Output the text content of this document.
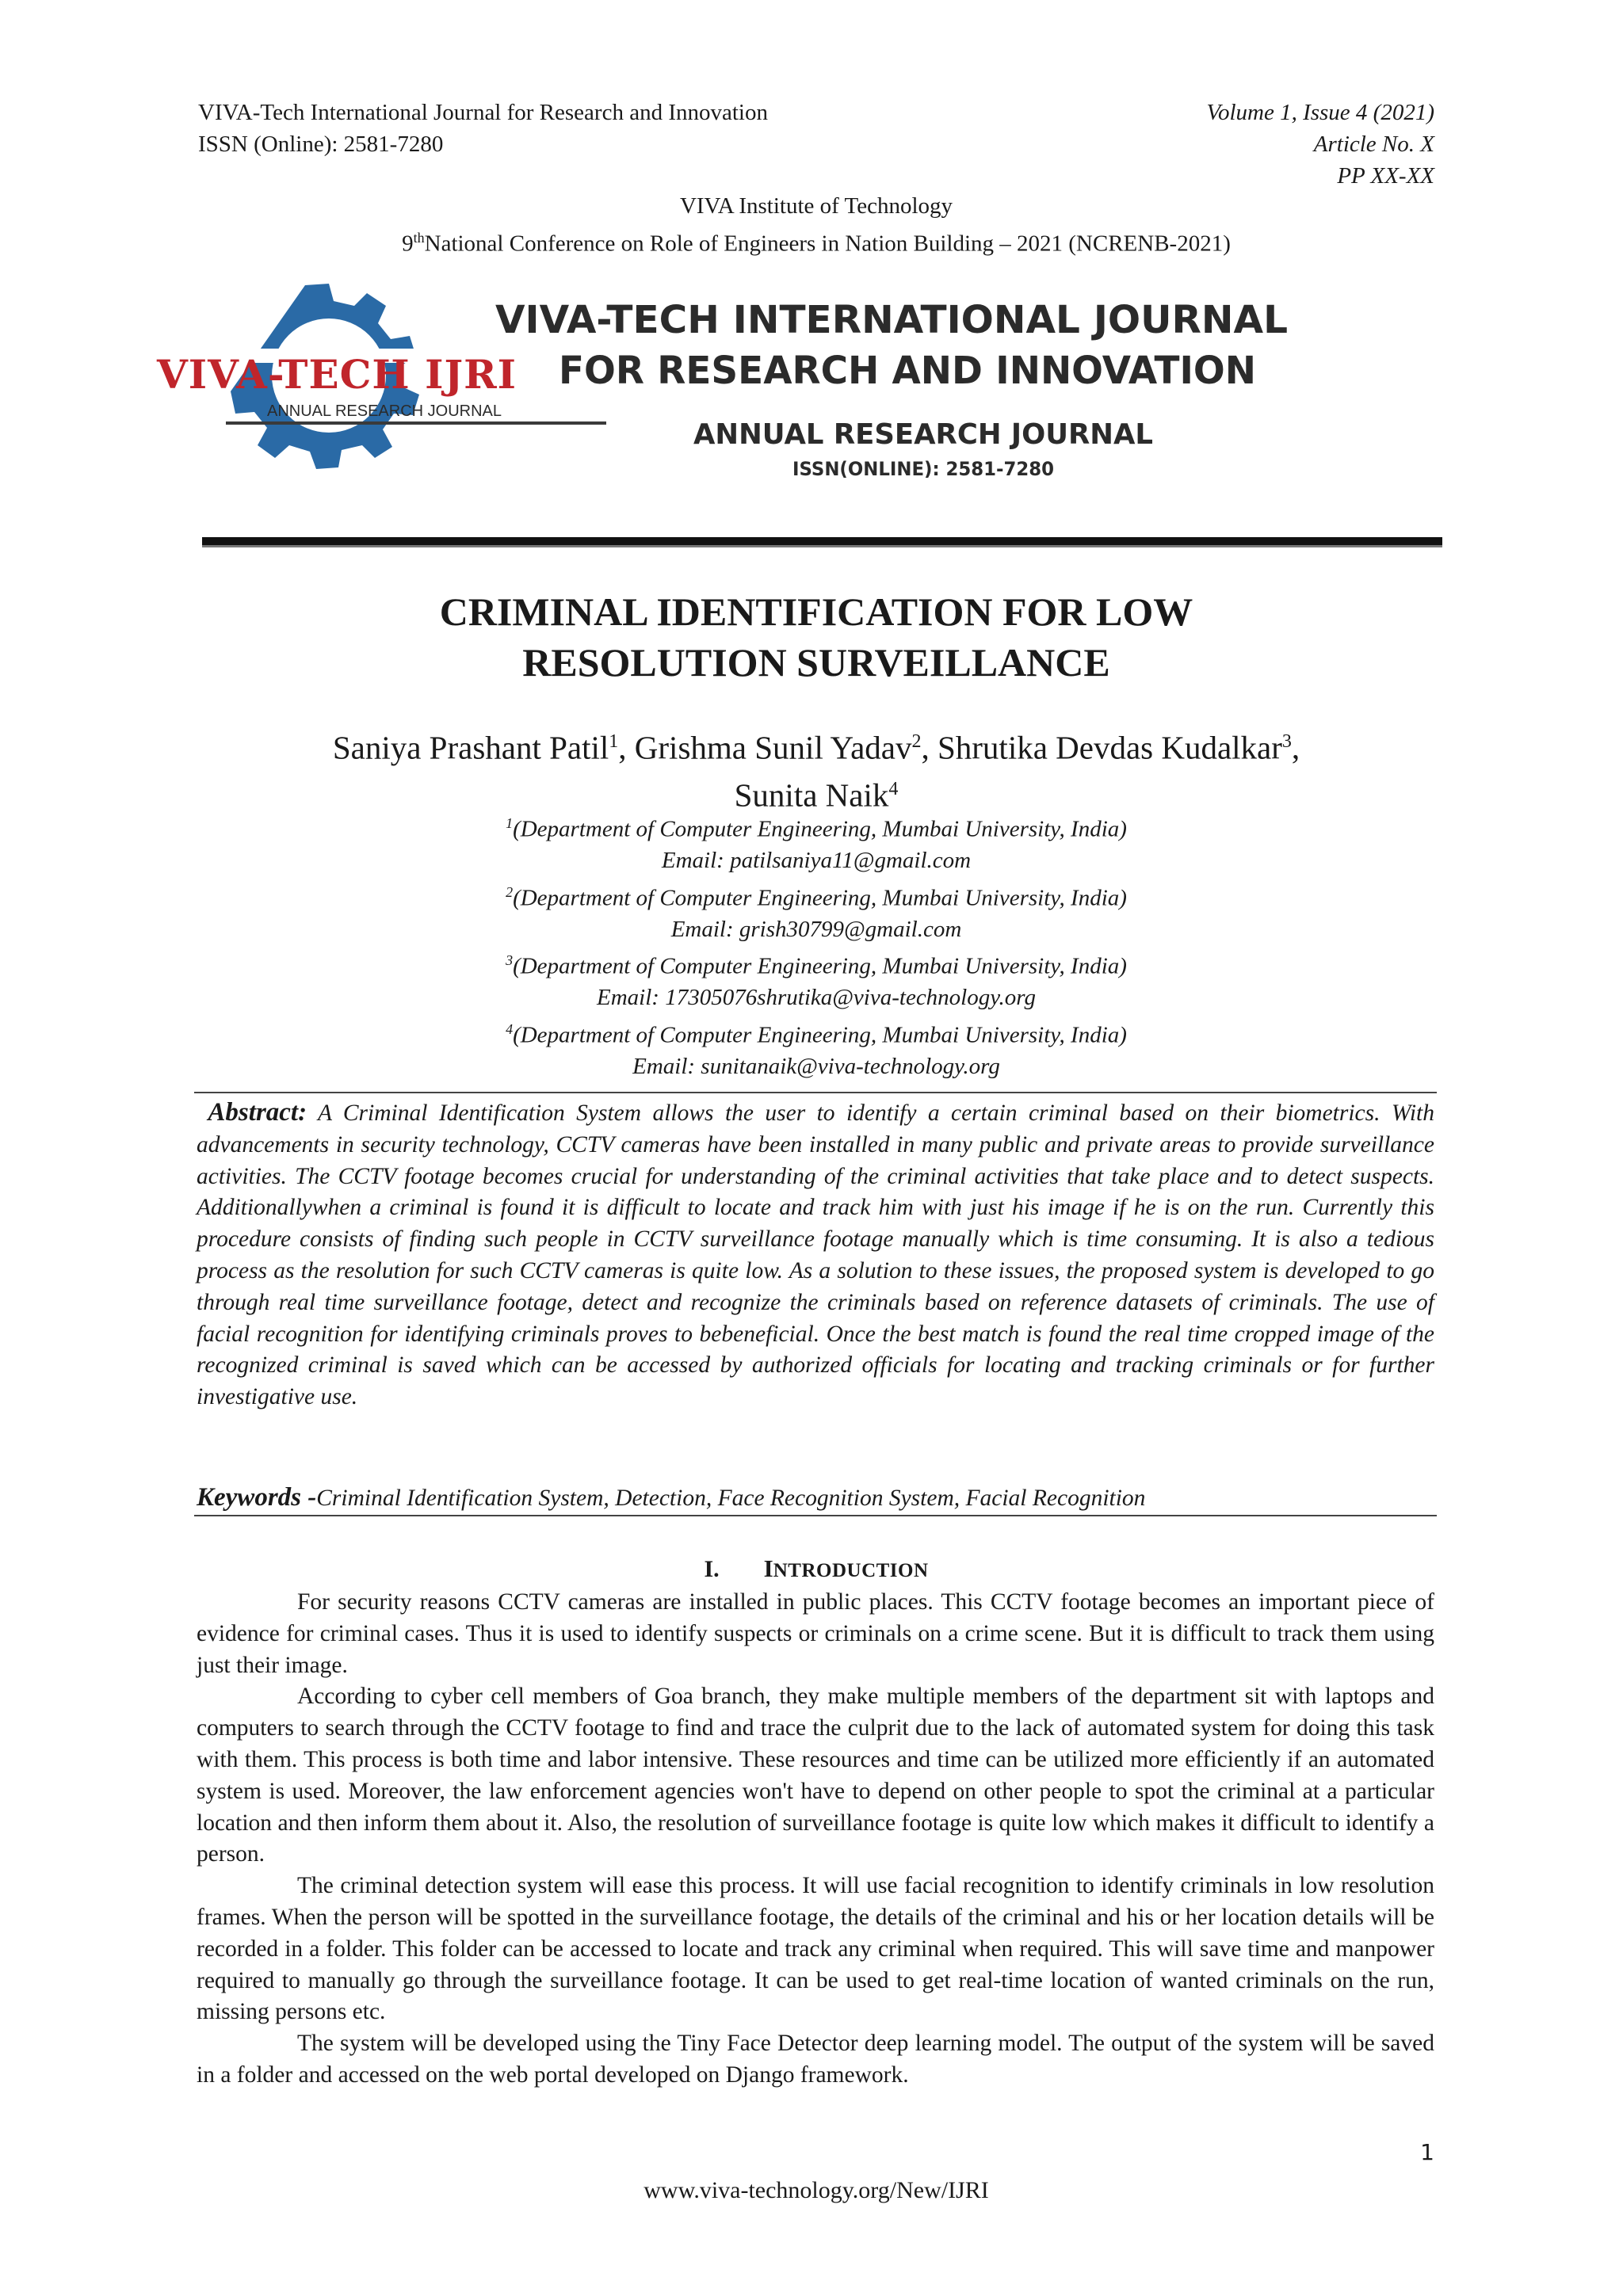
VIVA-Tech International Journal for Research and Innovation
ISSN (Online): 2581-7280
Volume 1, Issue 4 (2021)
Article No. X
PP XX-XX
VIVA Institute of Technology
9thNational Conference on Role of Engineers in Nation Building – 2021 (NCRENB-2021)
VIVA-TECH IJRI
ANNUAL RESEARCH JOURNAL
VIVA-TECH INTERNATIONAL JOURNAL
FOR RESEARCH AND INNOVATION
ANNUAL RESEARCH JOURNAL
ISSN(ONLINE): 2581-7280
CRIMINAL IDENTIFICATION FOR LOW
RESOLUTION SURVEILLANCE
Saniya Prashant Patil$^1$, Grishma Sunil Yadav$^2$, Shrutika Devdas Kudalkar$^3$,
Sunita Naik$^4$
$^1$(Department of Computer Engineering, Mumbai University, India)
Email: patilsaniya11@gmail.com
$^2$(Department of Computer Engineering, Mumbai University, India)
Email: grish30799@gmail.com
$^3$(Department of Computer Engineering, Mumbai University, India)
Email: 17305076shrutika@viva-technology.org
$^4$(Department of Computer Engineering, Mumbai University, India)
Email: sunitanaik@viva-technology.org
Abstract: A Criminal Identification System allows the user to identify a certain criminal based on their biometrics. With advancements in security technology, CCTV cameras have been installed in many public and private areas to provide surveillance activities. The CCTV footage becomes crucial for understanding of the criminal activities that take place and to detect suspects. Additionallywhen a criminal is found it is difficult to locate and track him with just his image if he is on the run. Currently this procedure consists of finding such people in CCTV surveillance footage manually which is time consuming. It is also a tedious process as the resolution for such CCTV cameras is quite low. As a solution to these issues, the proposed system is developed to go through real time surveillance footage, detect and recognize the criminals based on reference datasets of criminals. The use of facial recognition for identifying criminals proves to bebeneficial. Once the best match is found the real time cropped image of the recognized criminal is saved which can be accessed by authorized officials for locating and tracking criminals or for further investigative use.
Keywords -Criminal Identification System, Detection, Face Recognition System, Facial Recognition
I. INTRODUCTION

For security reasons CCTV cameras are installed in public places. This CCTV footage becomes an important piece of evidence for criminal cases. Thus it is used to identify suspects or criminals on a crime scene. But it is difficult to track them using just their image.

According to cyber cell members of Goa branch, they make multiple members of the department sit with laptops and computers to search through the CCTV footage to find and trace the culprit due to the lack of automated system for doing this task with them. This process is both time and labor intensive. These resources and time can be utilized more efficiently if an automated system is used. Moreover, the law enforcement agencies won't have to depend on other people to spot the criminal at a particular location and then inform them about it. Also, the resolution of surveillance footage is quite low which makes it difficult to identify a person.

The criminal detection system will ease this process. It will use facial recognition to identify criminals in low resolution frames. When the person will be spotted in the surveillance footage, the details of the criminal and his or her location details will be recorded in a folder. This folder can be accessed to locate and track any criminal when required. This will save time and manpower required to manually go through the surveillance footage. It can be used to get real-time location of wanted criminals on the run, missing persons etc.

The system will be developed using the Tiny Face Detector deep learning model. The output of the system will be saved in a folder and accessed on the web portal developed on Django framework.

1
www.viva-technology.org/New/IJRI
